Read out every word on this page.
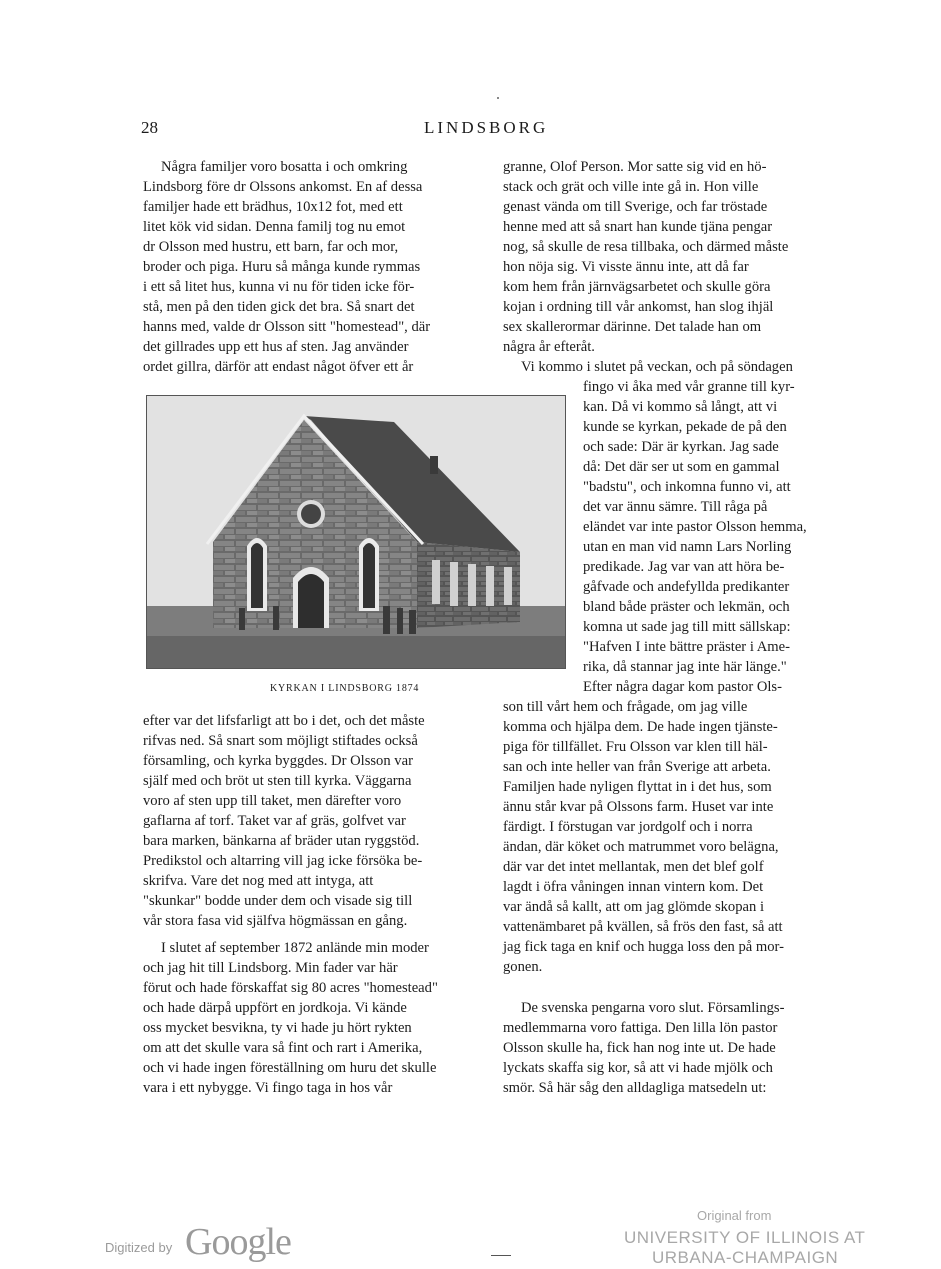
28	LINDSBORG
Några familjer voro bosatta i och omkring
Lindsborg före dr Olssons ankomst. En af dessa
familjer hade ett brädhus, 10x12 fot, med ett
litet kök vid sidan. Denna familj tog nu emot
dr Olsson med hustru, ett barn, far och mor,
broder och piga. Huru så många kunde rymmas
i ett så litet hus, kunna vi nu för tiden icke för-
stå, men på den tiden gick det bra. Så snart det
hanns med, valde dr Olsson sitt "homestead", där
det gillrades upp ett hus af sten. Jag använder
ordet gillra, därför att endast något öfver ett år
KYRKAN I LINDSBORG 1874
efter var det lifsfarligt att bo i det, och det måste
rifvas ned. Så snart som möjligt stiftades också
församling, och kyrka byggdes. Dr Olsson var
själf med och bröt ut sten till kyrka. Väggarna
voro af sten upp till taket, men därefter voro
gaflarna af torf. Taket var af gräs, golfvet var
bara marken, bänkarna af bräder utan ryggstöd.
Predikstol och altarring vill jag icke försöka be-
skrifva. Vare det nog med att intyga, att
"skunkar" bodde under dem och visade sig till
vår stora fasa vid själfva högmässan en gång.
I slutet af september 1872 anlände min moder
och jag hit till Lindsborg. Min fader var här
förut och hade förskaffat sig 80 acres "homestead"
och hade därpå uppfört en jordkoja. Vi kände
oss mycket besvikna, ty vi hade ju hört rykten
om att det skulle vara så fint och rart i Amerika,
och vi hade ingen föreställning om huru det skulle
vara i ett nybygge. Vi fingo taga in hos vår
granne, Olof Person. Mor satte sig vid en hö-
stack och grät och ville inte gå in. Hon ville
genast vända om till Sverige, och far tröstade
henne med att så snart han kunde tjäna pengar
nog, så skulle de resa tillbaka, och därmed måste
hon nöja sig. Vi visste ännu inte, att då far
kom hem från järnvägsarbetet och skulle göra
kojan i ordning till vår ankomst, han slog ihjäl
sex skallerormar därinne. Det talade han om
några år efteråt.
Vi kommo i slutet på veckan, och på söndagen
fingo vi åka med vår granne till kyr-
kan. Då vi kommo så långt, att vi
kunde se kyrkan, pekade de på den
och sade: Där är kyrkan. Jag sade
då: Det där ser ut som en gammal
"badstu", och inkomna funno vi, att
det var ännu sämre. Till råga på
eländet var inte pastor Olsson hemma,
utan en man vid namn Lars Norling
predikade. Jag var van att höra be-
gåfvade och andefyllda predikanter
bland både präster och lekmän, och
komna ut sade jag till mitt sällskap:
"Hafven I inte bättre präster i Ame-
rika, då stannar jag inte här länge."
Efter några dagar kom pastor Ols-
son till vårt hem och frågade, om jag ville
komma och hjälpa dem. De hade ingen tjänste-
piga för tillfället. Fru Olsson var klen till häl-
san och inte heller van från Sverige att arbeta.
Familjen hade nyligen flyttat in i det hus, som
ännu står kvar på Olssons farm. Huset var inte
färdigt. I förstugan var jordgolf och i norra
ändan, där köket och matrummet voro belägna,
där var det intet mellantak, men det blef golf
lagdt i öfra våningen innan vintern kom. Det
var ändå så kallt, att om jag glömde skopan i
vattenämbaret på kvällen, så frös den fast, så att
jag fick taga en knif och hugga loss den på mor-
gonen.
De svenska pengarna voro slut. Församlings-
medlemmarna voro fattiga. Den lilla lön pastor
Olsson skulle ha, fick han nog inte ut. De hade
lyckats skaffa sig kor, så att vi hade mjölk och
smör. Så här såg den alldagliga matsedeln ut:
Digitized by Google
Original from
UNIVERSITY OF ILLINOIS AT
URBANA-CHAMPAIGN
